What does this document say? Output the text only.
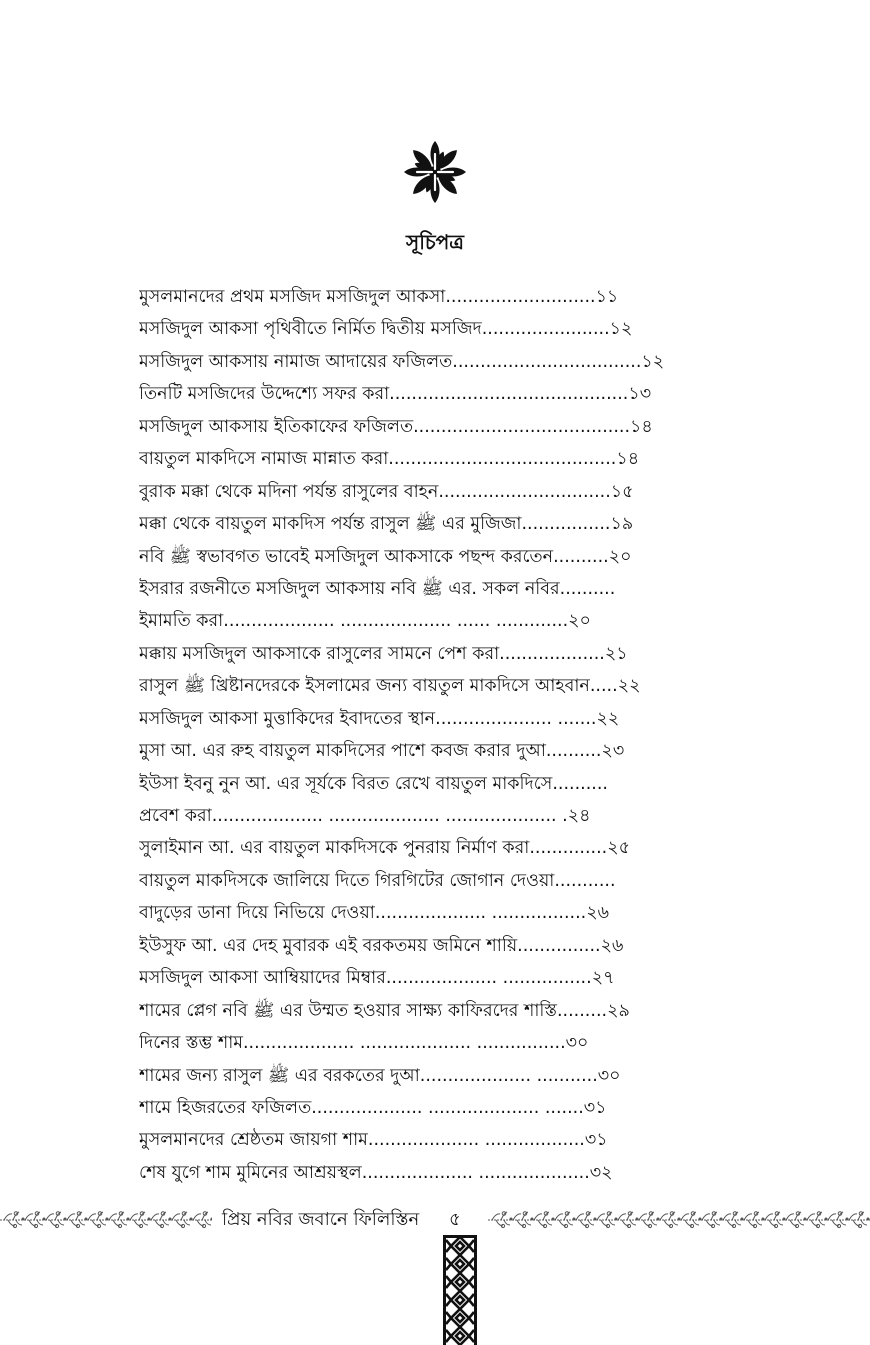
সূচিপত্র
মুসলমানদের প্রথম মসজিদ মসজিদুল আকসা........................... ১১
মসজিদুল আকসা পৃথিবীতে নির্মিত দ্বিতীয় মসজিদ....................... ১২
মসজিদুল আকসায় নামাজ আদায়ের ফজিলত.................................. ১২
তিনটি মসজিদের উদ্দেশ্যে সফর করা........................................... ১৩
মসজিদুল আকসায় ইতিকাফের ফজিলত....................................... ১৪
বায়তুল মাকদিসে নামাজ মান্নাত করা......................................... ১৪
বুরাক মক্কা থেকে মদিনা পর্যন্ত রাসুলের বাহন............................... ১৫
মক্কা থেকে বায়তুল মাকদিস পর্যন্ত রাসুল ﷺ এর মুজিজা................ ১৯
নবি ﷺ স্বভাবগত ভাবেই মসজিদুল আকসাকে পছন্দ করতেন.......... ২০
ইসরার রজনীতে মসজিদুল আকসায় নবি ﷺ এর. সকল নবির..........
ইমামতি করা.................... .................... ...... ............. ২০
মক্কায় মসজিদুল আকসাকে রাসুলের সামনে পেশ করা................... ২১
রাসুল ﷺ খ্রিষ্টানদেরকে ইসলামের জন্য বায়তুল মাকদিসে আহবান..... ২২
মসজিদুল আকসা মুত্তাকিদের ইবাদতের স্থান..................... ....... ২২
মুসা আ. এর রুহ বায়তুল মাকদিসের পাশে কবজ করার দুআ.......... ২৩
ইউসা ইবনু নুন আ. এর সূর্যকে বিরত রেখে বায়তুল মাকদিসে..........
প্রবেশ করা.................... .................... .................... . ২৪
সুলাইমান আ. এর বায়তুল মাকদিসকে পুনরায় নির্মাণ করা.............. ২৫
বায়তুল মাকদিসকে জালিয়ে দিতে গিরগিটের জোগান দেওয়া...........
বাদুড়ের ডানা দিয়ে নিভিয়ে দেওয়া.................... ................. ২৬
ইউসুফ আ. এর দেহ মুবারক এই বরকতময় জমিনে শায়ি............... ২৬
মসজিদুল আকসা আম্বিয়াদের মিম্বার.................... ................ ২৭
শামের প্লেগ নবি ﷺ এর উম্মত হওয়ার সাক্ষ্য কাফিরদের শাস্তি......... ২৯
দিনের স্তম্ভ শাম.................... .................... ................ ৩০
শামের জন্য রাসুল ﷺ এর বরকতের দুআ.................... ........... ৩০
শামে হিজরতের ফজিলত.................... .................... ....... ৩১
মুসলমানদের শ্রেষ্ঠতম জায়গা শাম.................... .................. ৩১
শেষ যুগে শাম মুমিনের আশ্রয়স্থল.................... .................... ৩২
প্রিয় নবির জবানে ফিলিস্তিন ৫
